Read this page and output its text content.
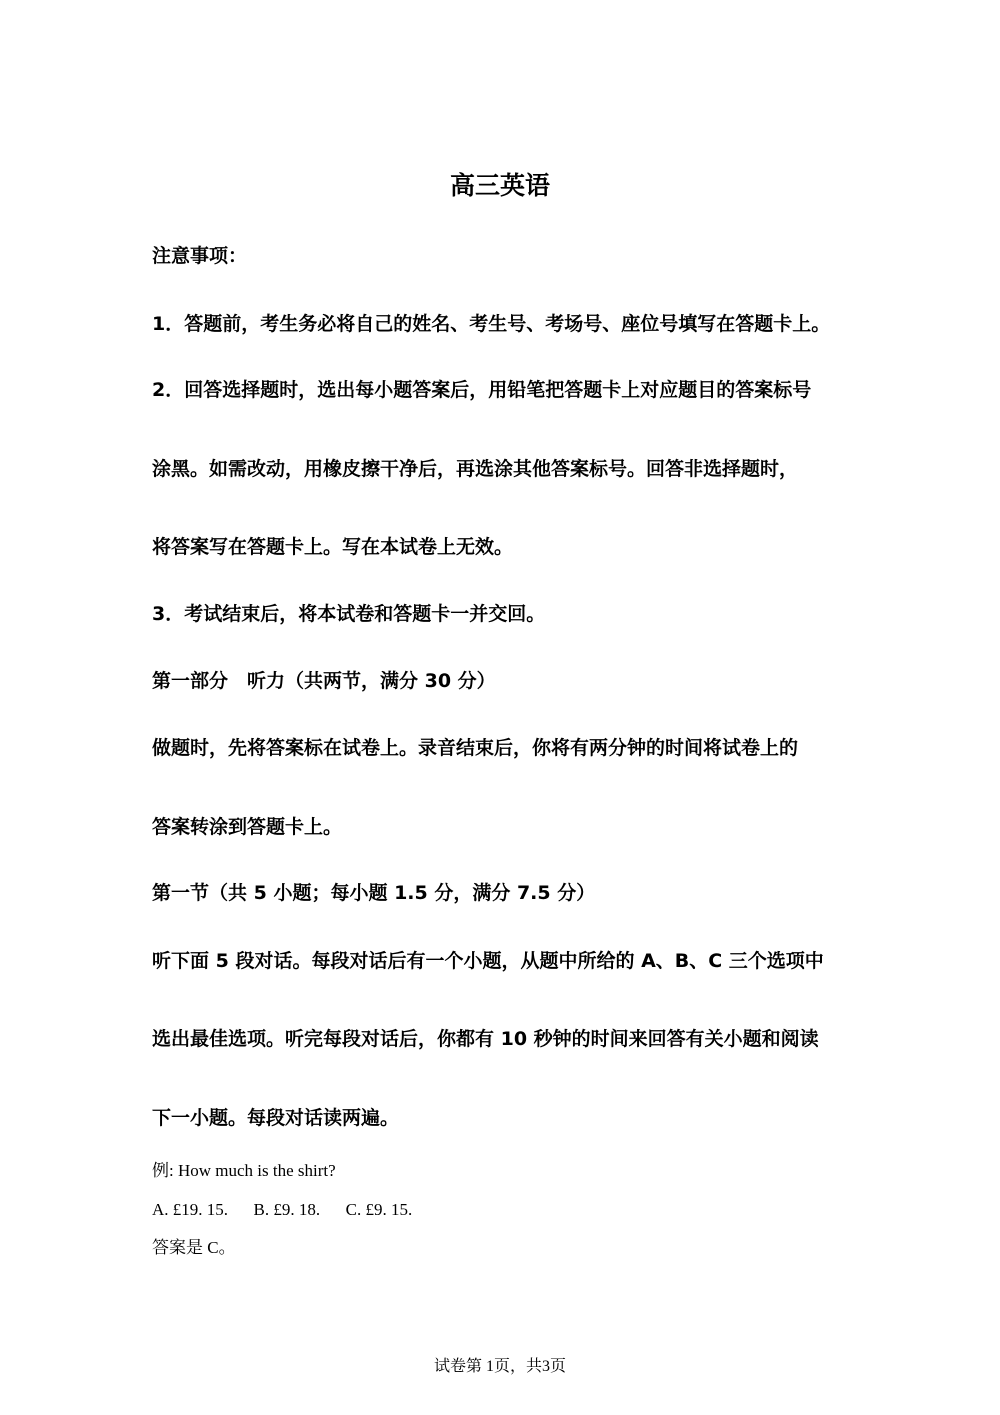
高三英语
注意事项：
1．答题前，考生务必将自己的姓名、考生号、考场号、座位号填写在答题卡上。
2．回答选择题时，选出每小题答案后，用铅笔把答题卡上对应题目的答案标号
涂黑。如需改动，用橡皮擦干净后，再选涂其他答案标号。回答非选择题时，
将答案写在答题卡上。写在本试卷上无效。
3．考试结束后，将本试卷和答题卡一并交回。
第一部分　听力（共两节，满分 30 分）
做题时，先将答案标在试卷上。录音结束后，你将有两分钟的时间将试卷上的
答案转涂到答题卡上。
第一节（共 5 小题；每小题 1.5 分，满分 7.5 分）
听下面 5 段对话。每段对话后有一个小题，从题中所给的 A、B、C 三个选项中
选出最佳选项。听完每段对话后，你都有 10 秒钟的时间来回答有关小题和阅读
下一小题。每段对话读两遍。
例: How much is the shirt?
A. £19. 15.      B. £9. 18.      C. £9. 15.
答案是 C。
试卷第 1页，共3页
